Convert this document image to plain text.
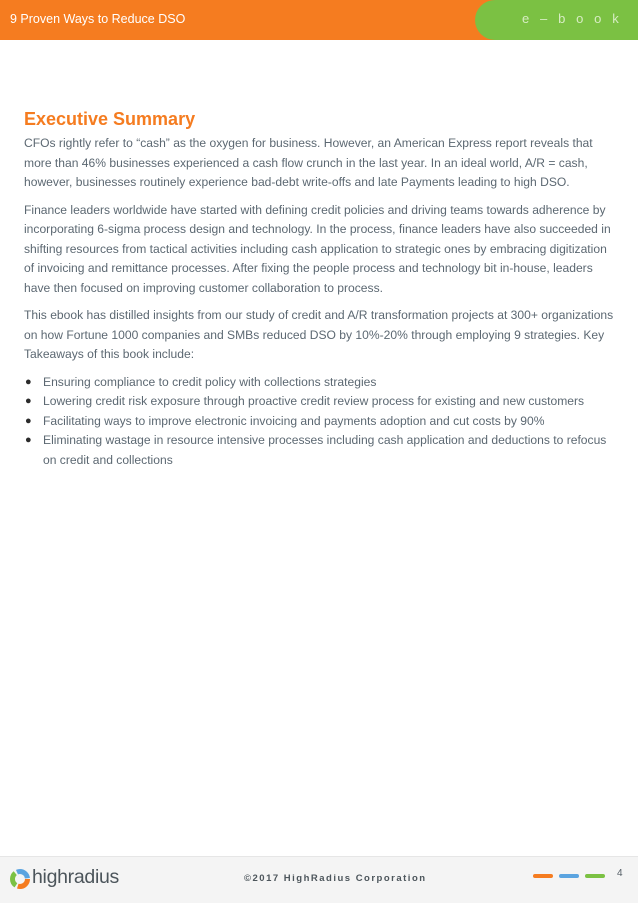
9 Proven Ways to Reduce DSO	e – b o o k
Executive Summary

CFOs rightly refer to “cash” as the oxygen for business. However, an American Express report reveals that more than 46% businesses experienced a cash flow crunch in the last year. In an ideal world, A/R = cash, however, businesses routinely experience bad-debt write-offs and late Payments leading to high DSO.

Finance leaders worldwide have started with defining credit policies and driving teams towards adherence by incorporating 6-sigma process design and technology. In the process, finance leaders have also succeeded in shifting resources from tactical activities including cash application to strategic ones by embracing digitization of invoicing and remittance processes. After fixing the people process and technology bit in-house, leaders have then focused on improving customer collaboration to process.

This ebook has distilled insights from our study of credit and A/R transformation projects at 300+ organizations on how Fortune 1000 companies and SMBs reduced DSO by 10%-20% through employing 9 strategies. Key Takeaways of this book include:

● Ensuring compliance to credit policy with collections strategies
● Lowering credit risk exposure through proactive credit review process for existing and new customers
● Facilitating ways to improve electronic invoicing and payments adoption and cut costs by 90%
● Eliminating wastage in resource intensive processes including cash application and deductions to refocus on credit and collections
highradius	©2017 HighRadius Corporation	4
